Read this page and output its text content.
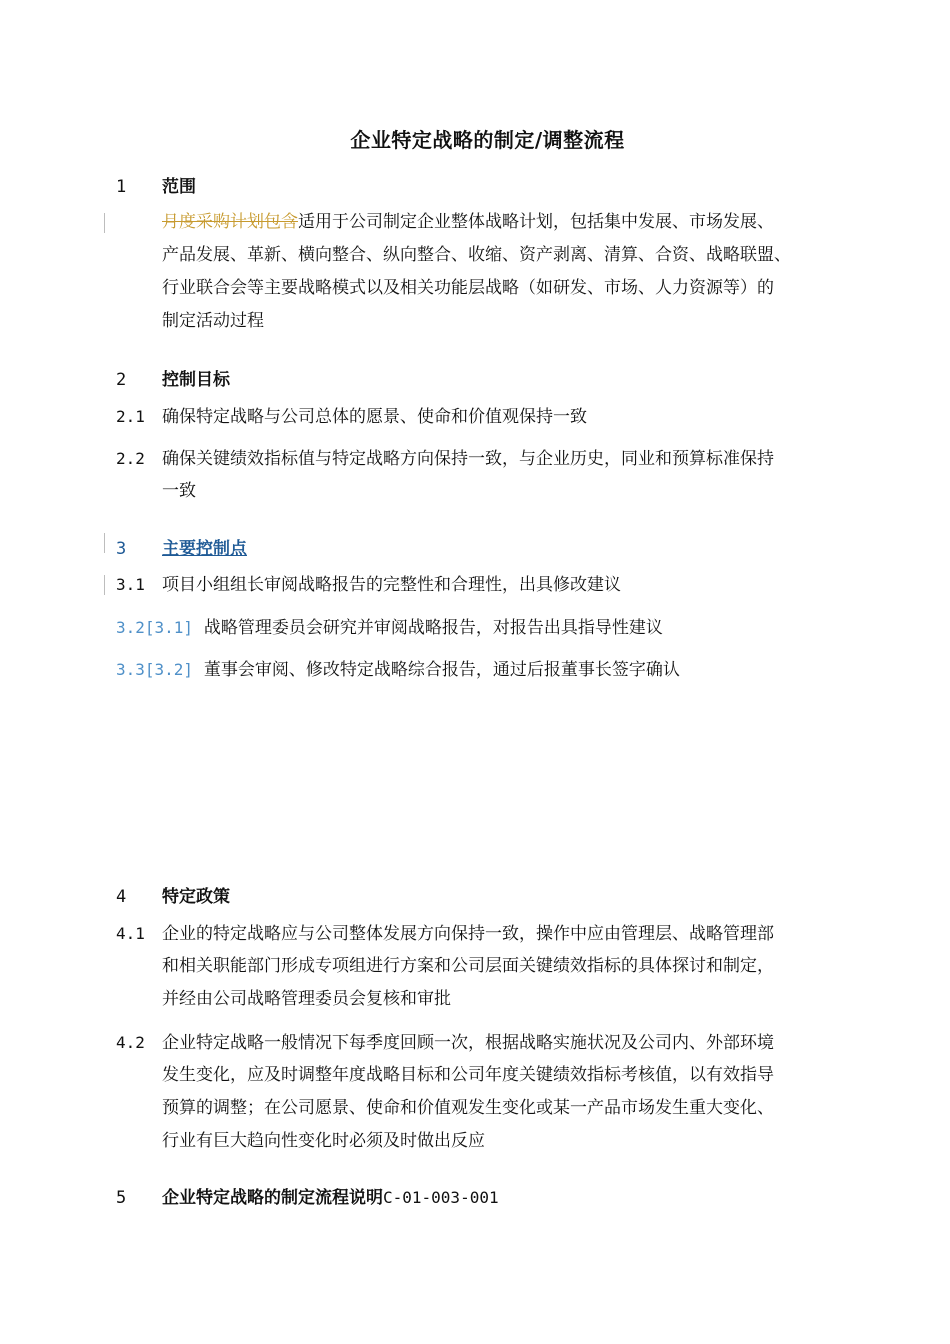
企业特定战略的制定/调整流程
1 范围
月度采购计划包含适用于公司制定企业整体战略计划，包括集中发展、市场发展、
产品发展、革新、横向整合、纵向整合、收缩、资产剥离、清算、合资、战略联盟、
行业联合会等主要战略模式以及相关功能层战略（如研发、市场、人力资源等）的
制定活动过程
2 控制目标
2.1 确保特定战略与公司总体的愿景、使命和价值观保持一致
2.2 确保关键绩效指标值与特定战略方向保持一致，与企业历史，同业和预算标准保持
一致
3 主要控制点
3.1 项目小组组长审阅战略报告的完整性和合理性，出具修改建议
3.2[3.1] 战略管理委员会研究并审阅战略报告，对报告出具指导性建议
3.3[3.2] 董事会审阅、修改特定战略综合报告，通过后报董事长签字确认
4 特定政策
4.1 企业的特定战略应与公司整体发展方向保持一致，操作中应由管理层、战略管理部
和相关职能部门形成专项组进行方案和公司层面关键绩效指标的具体探讨和制定，
并经由公司战略管理委员会复核和审批
4.2 企业特定战略一般情况下每季度回顾一次，根据战略实施状况及公司内、外部环境
发生变化，应及时调整年度战略目标和公司年度关键绩效指标考核值，以有效指导
预算的调整；在公司愿景、使命和价值观发生变化或某一产品市场发生重大变化、
行业有巨大趋向性变化时必须及时做出反应
5 企业特定战略的制定流程说明C-01-003-001
